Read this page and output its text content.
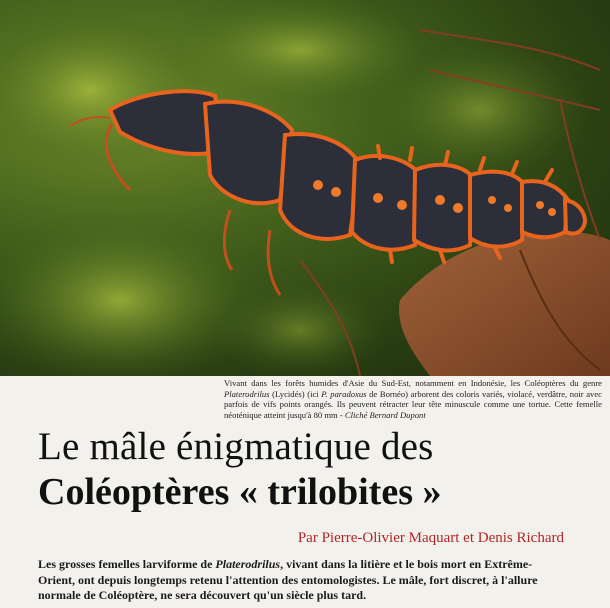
Vivant dans les forêts humides d'Asie du Sud-Est, notamment en Indonésie, les Coléoptères du genre Platerodrilus (Lycidés) (ici P. paradoxus de Bornéo) arborent des coloris variés, violacé, verdâtre, noir avec parfois de vifs points orangés. Ils peuvent rétracter leur tête minuscule comme une tortue. Cette femelle néoténique atteint jusqu'à 80 mm - Cliché Bernard Dupont
Le mâle énigmatique des
Coléoptères « trilobites »
Par Pierre-Olivier Maquart et Denis Richard
Les grosses femelles larviforme de Platerodrilus, vivant dans la litière et le bois mort en Extrême-Orient, ont depuis longtemps retenu l'attention des entomologistes. Le mâle, fort discret, à l'allure normale de Coléoptère, ne sera découvert qu'un siècle plus tard.
